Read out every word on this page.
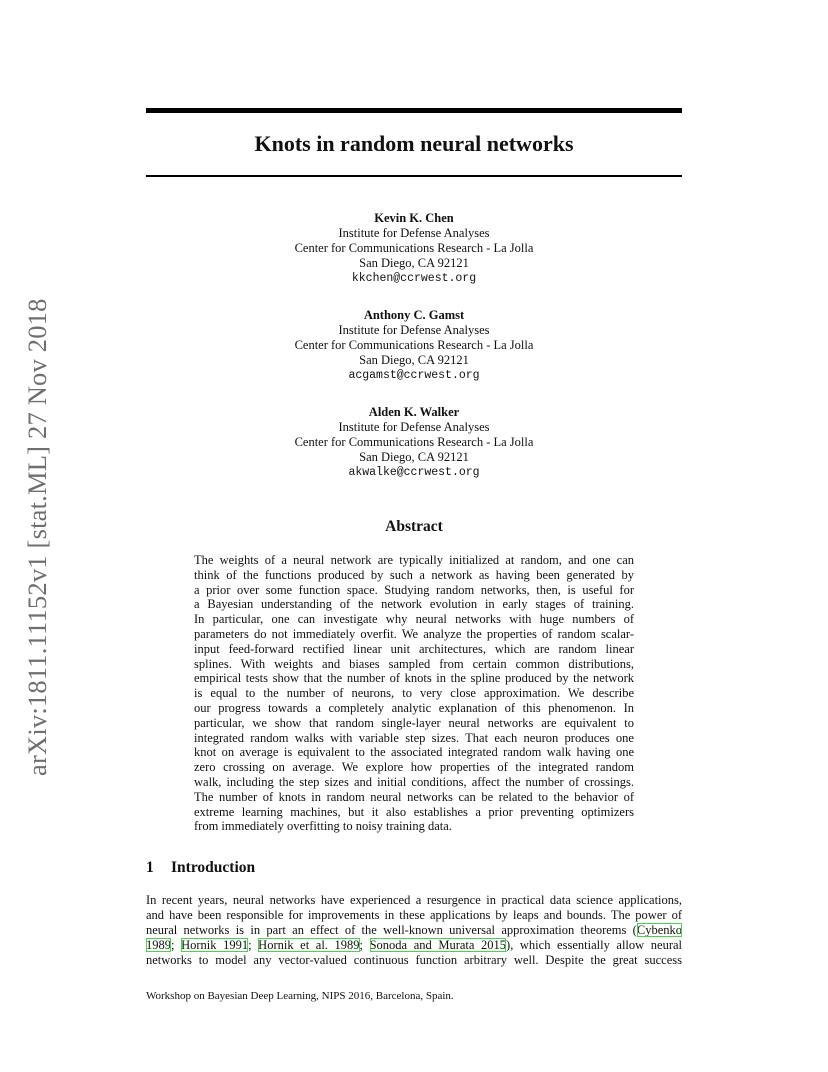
arXiv:1811.11152v1 [stat.ML] 27 Nov 2018
Knots in random neural networks
Kevin K. Chen
Institute for Defense Analyses
Center for Communications Research - La Jolla
San Diego, CA 92121
kkchen@ccrwest.org
Anthony C. Gamst
Institute for Defense Analyses
Center for Communications Research - La Jolla
San Diego, CA 92121
acgamst@ccrwest.org
Alden K. Walker
Institute for Defense Analyses
Center for Communications Research - La Jolla
San Diego, CA 92121
akwalke@ccrwest.org
Abstract
The weights of a neural network are typically initialized at random, and one can
think of the functions produced by such a network as having been generated by
a prior over some function space. Studying random networks, then, is useful for
a Bayesian understanding of the network evolution in early stages of training.
In particular, one can investigate why neural networks with huge numbers of
parameters do not immediately overfit. We analyze the properties of random scalar-
input feed-forward rectified linear unit architectures, which are random linear
splines. With weights and biases sampled from certain common distributions,
empirical tests show that the number of knots in the spline produced by the network
is equal to the number of neurons, to very close approximation. We describe
our progress towards a completely analytic explanation of this phenomenon. In
particular, we show that random single-layer neural networks are equivalent to
integrated random walks with variable step sizes. That each neuron produces one
knot on average is equivalent to the associated integrated random walk having one
zero crossing on average. We explore how properties of the integrated random
walk, including the step sizes and initial conditions, affect the number of crossings.
The number of knots in random neural networks can be related to the behavior of
extreme learning machines, but it also establishes a prior preventing optimizers
from immediately overfitting to noisy training data.
1 Introduction
In recent years, neural networks have experienced a resurgence in practical data science applications,
and have been responsible for improvements in these applications by leaps and bounds. The power of
neural networks is in part an effect of the well-known universal approximation theorems (Cybenko
1989; Hornik 1991; Hornik et al. 1989; Sonoda and Murata 2015), which essentially allow neural
networks to model any vector-valued continuous function arbitrary well. Despite the great success
Workshop on Bayesian Deep Learning, NIPS 2016, Barcelona, Spain.
